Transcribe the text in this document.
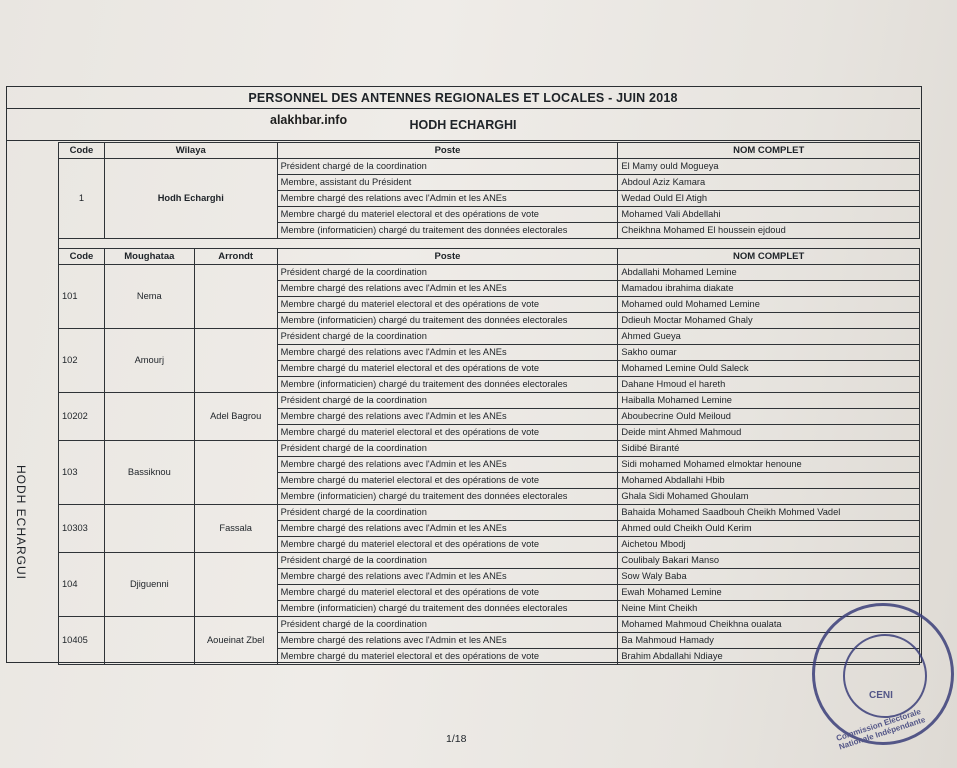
PERSONNEL DES ANTENNES REGIONALES ET LOCALES - JUIN 2018
HODH ECHARGHI
alakhbar.info
HODH ECHARGUI
Code	Wilaya	Poste	NOM COMPLET
1	Hodh Echarghi	Président chargé de la coordination	El Mamy ould Mogueya
		Membre, assistant du Président	Abdoul Aziz Kamara
		Membre chargé des relations avec l'Admin et les ANEs	Wedad Ould El Atigh
		Membre chargé du materiel electoral et des opérations de vote	Mohamed Vali Abdellahi
		Membre (informaticien) chargé du traitement des données electorales	Cheikhna Mohamed El houssein ejdoud
Code	Moughataa	Arrondt	Poste	NOM COMPLET
101	Nema		Président chargé de la coordination	Abdallahi Mohamed Lemine
			Membre chargé des relations avec l'Admin et les ANEs	Mamadou ibrahima diakate
			Membre chargé du materiel electoral et des opérations de vote	Mohamed ould Mohamed Lemine
			Membre (informaticien) chargé du traitement des données electorales	Ddieuh Moctar Mohamed Ghaly
102	Amourj		Président chargé de la coordination	Ahmed Gueya
			Membre chargé des relations avec l'Admin et les ANEs	Sakho oumar
			Membre chargé du materiel electoral et des opérations de vote	Mohamed Lemine Ould Saleck
			Membre (informaticien) chargé du traitement des données electorales	Dahane Hmoud el hareth
10202		Adel Bagrou	Président chargé de la coordination	Haiballa Mohamed Lemine
			Membre chargé des relations avec l'Admin et les ANEs	Aboubecrine Ould Meiloud
			Membre chargé du materiel electoral et des opérations de vote	Deide mint Ahmed Mahmoud
103	Bassiknou		Président chargé de la coordination	Sidibé Biranté
			Membre chargé des relations avec l'Admin et les ANEs	Sidi mohamed Mohamed elmoktar henoune
			Membre chargé du materiel electoral et des opérations de vote	Mohamed Abdallahi Hbib
			Membre (informaticien) chargé du traitement des données electorales	Ghala Sidi Mohamed Ghoulam
10303		Fassala	Président chargé de la coordination	Bahaida Mohamed Saadbouh Cheikh Mohmed Vadel
			Membre chargé des relations avec l'Admin et les ANEs	Ahmed ould Cheikh Ould Kerim
			Membre chargé du materiel electoral et des opérations de vote	Aichetou Mbodj
104	Djiguenni		Président chargé de la coordination	Coulibaly Bakari Manso
			Membre chargé des relations avec l'Admin et les ANEs	Sow Waly Baba
			Membre chargé du materiel electoral et des opérations de vote	Ewah Mohamed Lemine
			Membre (informaticien) chargé du traitement des données electorales	Neine Mint Cheikh
10405		Aoueinat Zbel	Président chargé de la coordination	Mohamed Mahmoud Cheikhna oualata
			Membre chargé des relations avec l'Admin et les ANEs	Ba Mahmoud Hamady
			Membre chargé du materiel electoral et des opérations de vote	Brahim Abdallahi Ndiaye
CENI
Commission Electorale Nationale Indépendante
1/18
